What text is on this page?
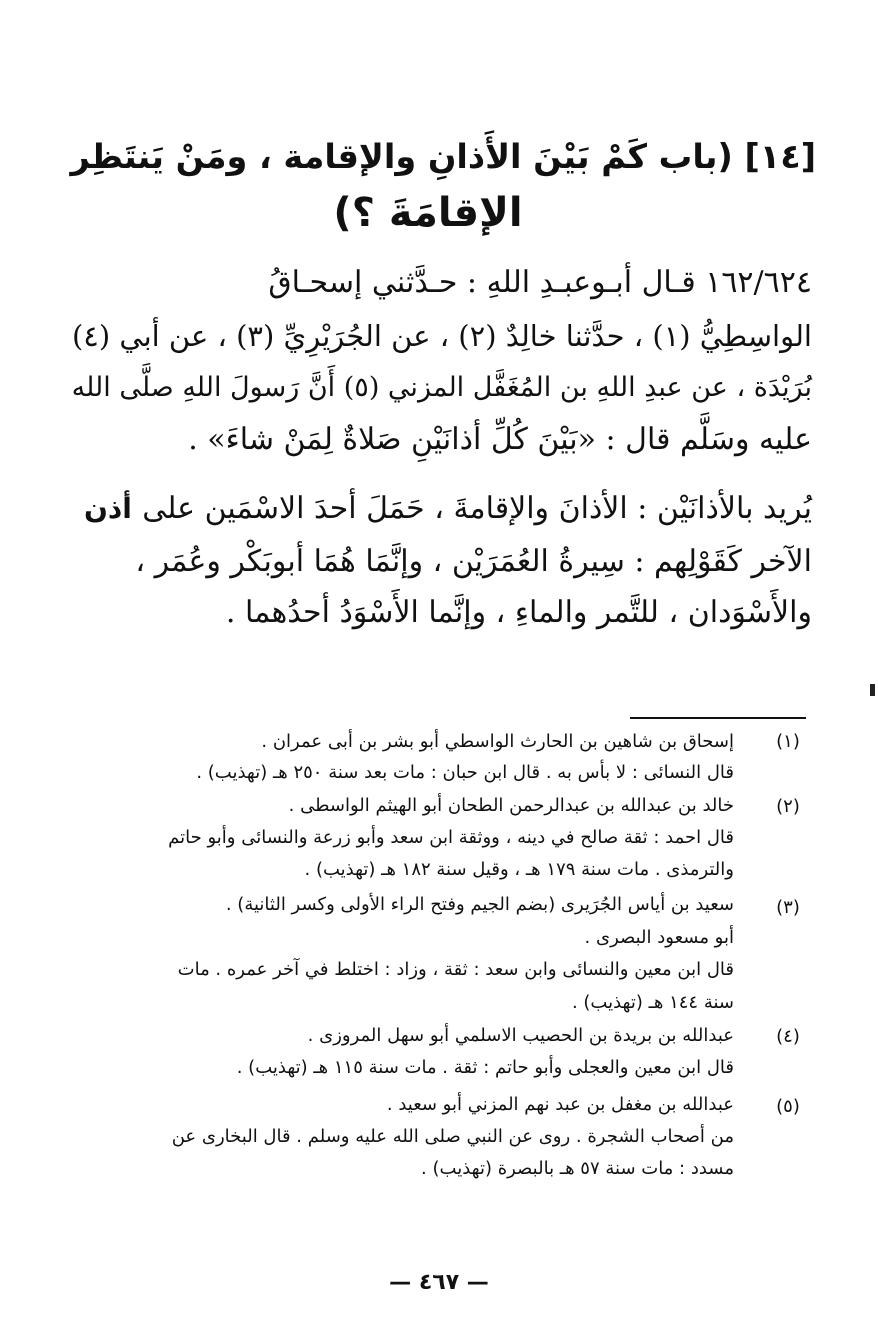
[١٤] (باب كَمْ بَيْنَ الأَذانِ والإقامة ، ومَنْ يَنتَظِر
الإقامَةَ ؟)
١٦٢/٦٢٤ قـال أبـوعبـدِ اللهِ : حـدَّثني إسحـاقُ
الواسِطِيُّ (١) ، حدَّثنا خالِدٌ (٢) ، عن الجُرَيْرِيِّ (٣) ، عن أبي (٤)
بُرَيْدَة ، عن عبدِ اللهِ بن المُغَفَّل المزني (٥) أَنَّ رَسولَ اللهِ صلَّى الله
عليه وسَلَّم قال : «بَيْنَ كُلِّ أذانَيْنِ صَلاةٌ لِمَنْ شاءَ» .
أذن يُريد بالأذانَيْن : الأذانَ والإقامةَ ، حَمَلَ أحدَ الاسْمَين على
الآخر كَقَوْلِهم : سِيرةُ العُمَرَيْن ، وإنَّمَا هُمَا أبوبَكْر وعُمَر ،
والأَسْوَدان ، للتَّمر والماءِ ، وإنَّما الأَسْوَدُ أحدُهما .
(١)
إسحاق بن شاهين بن الحارث الواسطي أبو بشر بن أبى عمران .
قال النسائى : لا بأس به . قال ابن حبان : مات بعد سنة ٢٥٠ هـ (تهذيب) .
(٢)
خالد بن عبدالله بن عبدالرحمن الطحان أبو الهيثم الواسطى .
قال احمد : ثقة صالح في دينه ، ووثقة ابن سعد وأبو زرعة والنسائى وأبو حاتم
والترمذى . مات سنة ١٧٩ هـ ، وقيل سنة ١٨٢ هـ (تهذيب) .
(٣)
سعيد بن أياس الجُرَيرى (بضم الجيم وفتح الراء الأولى وكسر الثانية) .
أبو مسعود البصرى .
قال ابن معين والنسائى وابن سعد : ثقة ، وزاد : اختلط في آخر عمره . مات
سنة ١٤٤ هـ (تهذيب) .
(٤)
عبدالله بن بريدة بن الحصيب الاسلمي أبو سهل المروزى .
قال ابن معين والعجلى وأبو حاتم : ثقة . مات سنة ١١٥ هـ (تهذيب) .
(٥)
عبدالله بن مغفل بن عبد نهم المزني أبو سعيد .
من أصحاب الشجرة . روى عن النبي صلى الله عليه وسلم . قال البخارى عن
مسدد : مات سنة ٥٧ هـ بالبصرة (تهذيب) .
— ٤٦٧ —
